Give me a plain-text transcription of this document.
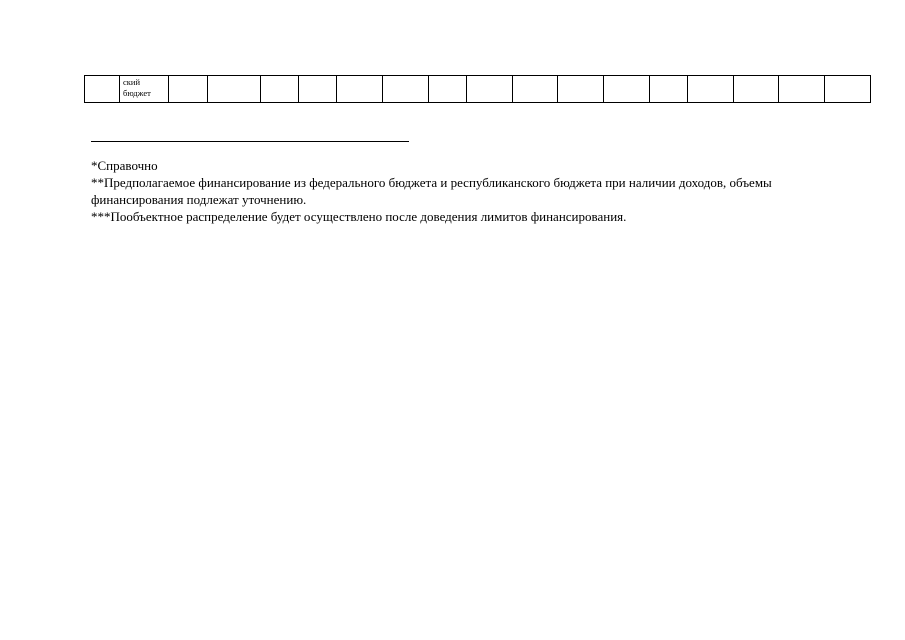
	ский
бюджет																

*Справочно

**Предполагаемое финансирование из федерального бюджета и республиканского бюджета при наличии доходов, объемы финансирования подлежат уточнению.

***Пообъектное распределение будет осуществлено после доведения лимитов финансирования.
